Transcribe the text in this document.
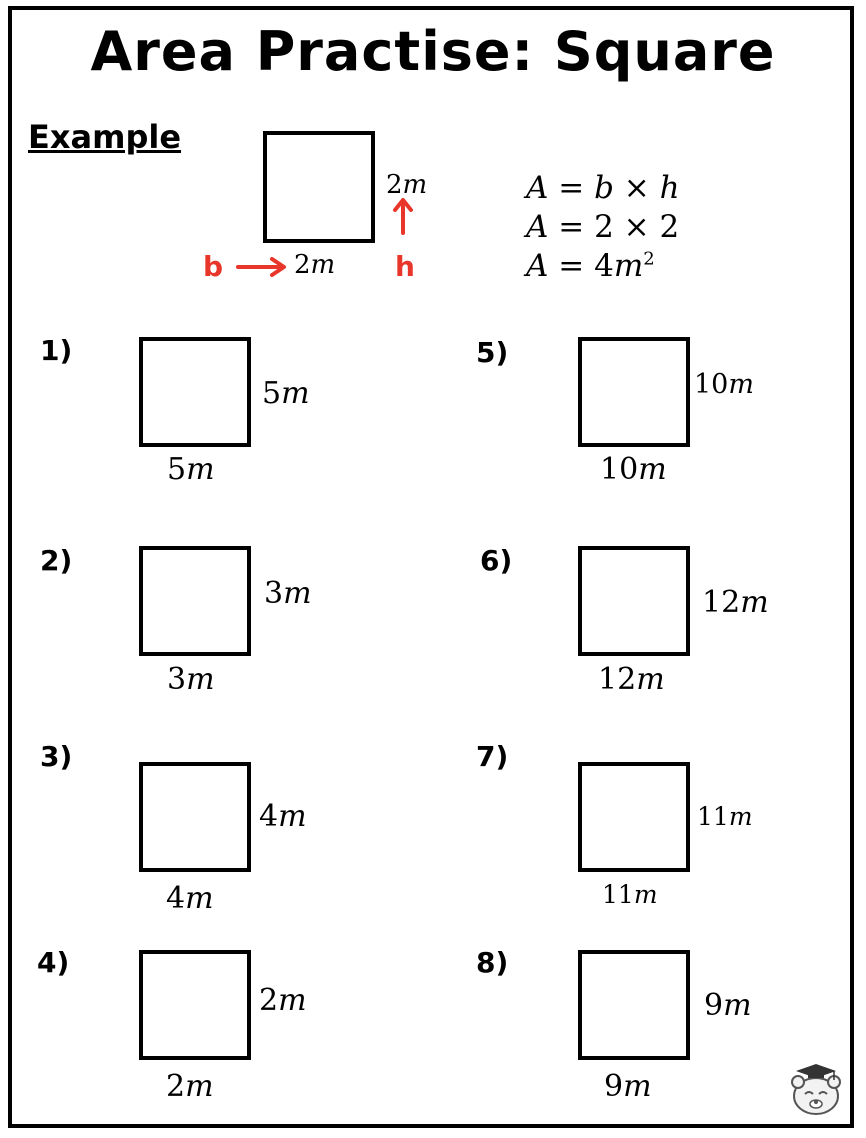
Area Practise: Square
Example
2m
2m
b	h
A = b × h
A = 2 × 2
$A = 4m^2$
1)
5m
5m
2)
3m
3m
3)
4m
4m
4)
2m
2m
5)
10m
10m
6)
12m
12m
7)
11m
11m
8)
9m
9m
